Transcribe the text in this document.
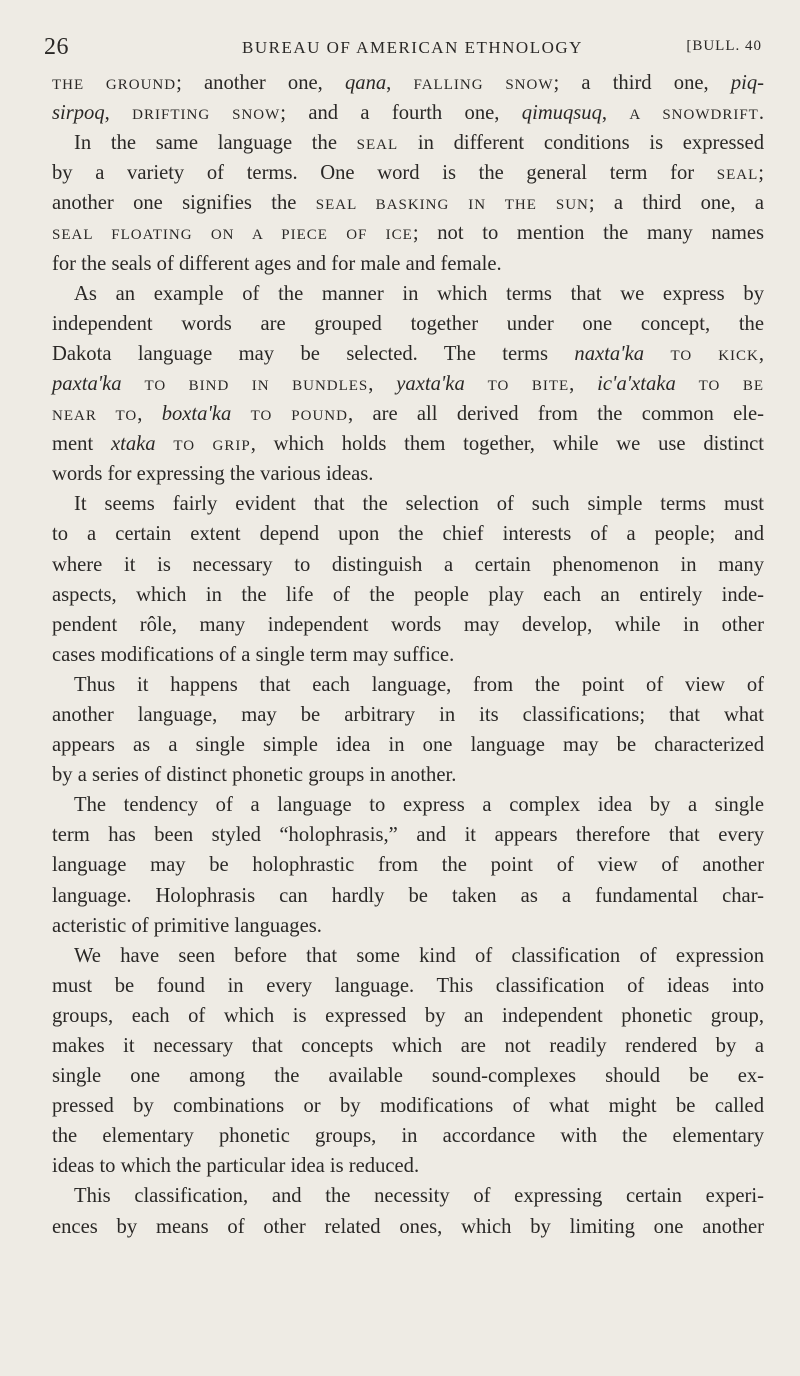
26	BUREAU OF AMERICAN ETHNOLOGY	[BULL. 40
THE GROUND; another one, qana, FALLING SNOW; a third one, piq-
sirpoq, DRIFTING SNOW; and a fourth one, qimuqsuq, A SNOWDRIFT.
In the same language the SEAL in different conditions is expressed
by a variety of terms. One word is the general term for SEAL;
another one signifies the SEAL BASKING IN THE SUN; a third one, a
SEAL FLOATING ON A PIECE OF ICE; not to mention the many names
for the seals of different ages and for male and female.
As an example of the manner in which terms that we express by
independent words are grouped together under one concept, the
Dakota language may be selected. The terms naxta'ka TO KICK,
paxta'ka TO BIND IN BUNDLES, yaxta'ka TO BITE, ic'a'xtaka TO BE
NEAR TO, boxta'ka TO POUND, are all derived from the common ele-
ment xtaka TO GRIP, which holds them together, while we use distinct
words for expressing the various ideas.
It seems fairly evident that the selection of such simple terms must
to a certain extent depend upon the chief interests of a people; and
where it is necessary to distinguish a certain phenomenon in many
aspects, which in the life of the people play each an entirely inde-
pendent rôle, many independent words may develop, while in other
cases modifications of a single term may suffice.
Thus it happens that each language, from the point of view of
another language, may be arbitrary in its classifications; that what
appears as a single simple idea in one language may be characterized
by a series of distinct phonetic groups in another.
The tendency of a language to express a complex idea by a single
term has been styled “holophrasis,” and it appears therefore that every
language may be holophrastic from the point of view of another
language. Holophrasis can hardly be taken as a fundamental char-
acteristic of primitive languages.
We have seen before that some kind of classification of expression
must be found in every language. This classification of ideas into
groups, each of which is expressed by an independent phonetic group,
makes it necessary that concepts which are not readily rendered by a
single one among the available sound-complexes should be ex-
pressed by combinations or by modifications of what might be called
the elementary phonetic groups, in accordance with the elementary
ideas to which the particular idea is reduced.
This classification, and the necessity of expressing certain experi-
ences by means of other related ones, which by limiting one another
